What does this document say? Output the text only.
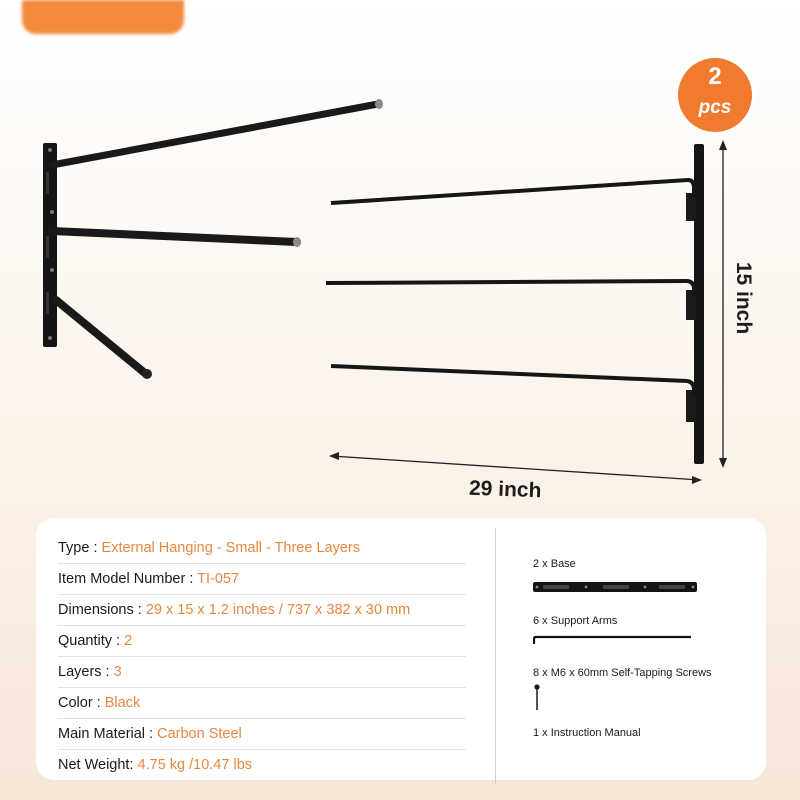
15 inch
29 inch
2
pcs
Type : External Hanging - Small - Three Layers
Item Model Number : TI-057
Dimensions : 29 x 15 x 1.2 inches / 737 x 382 x 30 mm
Quantity : 2
Layers : 3
Color : Black
Main Material : Carbon Steel
Net Weight: 4.75 kg /10.47 lbs
2 x Base
6 x Support Arms
8 x M6 x 60mm Self-Tapping Screws
1 x Instruction Manual
